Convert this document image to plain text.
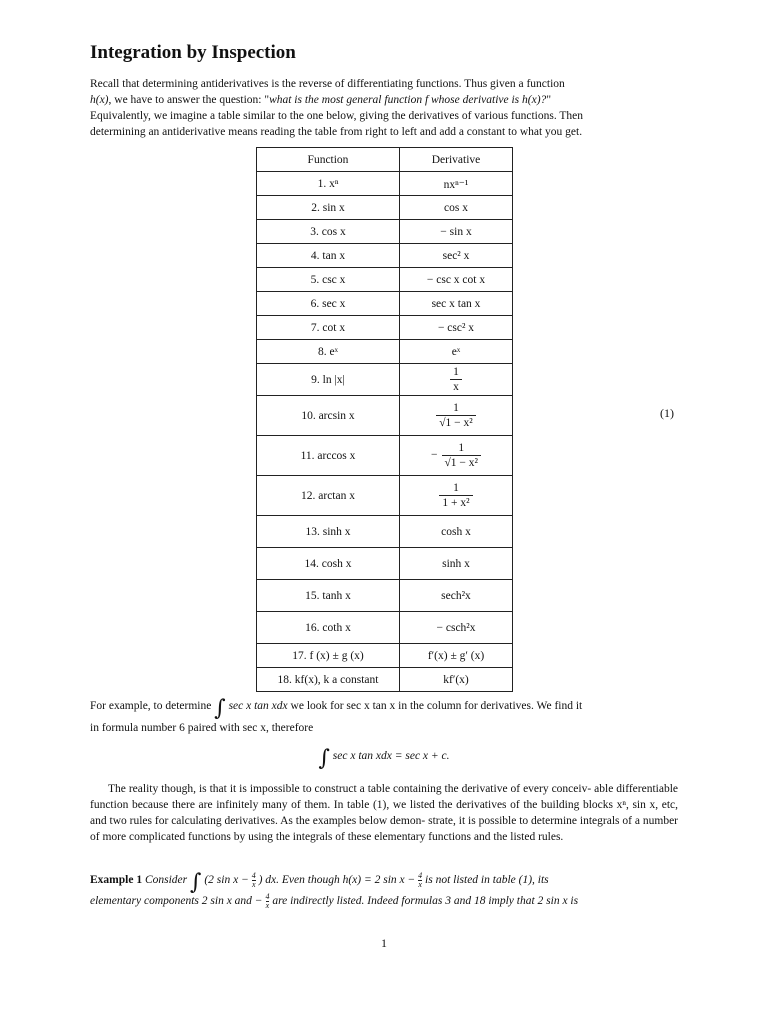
Integration by Inspection
Recall that determining antiderivatives is the reverse of differentiating functions. Thus given a function
h(x), we have to answer the question: "what is the most general function f whose derivative is h(x)?"
Equivalently, we imagine a table similar to the one below, giving the derivatives of various functions. Then
determining an antiderivative means reading the table from right to left and add a constant to what you get.
Function	Derivative
1. xⁿ	nxⁿ⁻¹
2. sin x	cos x
3. cos x	− sin x
4. tan x	sec² x
5. csc x	− csc x cot x
6. sec x	sec x tan x
7. cot x	− csc² x
8. eˣ	eˣ
9. ln |x|	$\frac{1}{x}$

10. arcsin x	$\frac{1}{\text{√1 − x²}}$

11. arccos x	− $\frac{1}{\text{√1 − x²}}$

12. arctan x	$\frac{1}{\text{1 + x²}}$

13. sinh x	cosh x
14. cosh x	sinh x
15. tanh x	sech²x
16. coth x	− csch²x
17. f (x) ± g (x)	f′(x) ± g′ (x)
18. kf(x), k a constant	kf′(x)
(1)
For example, to determine ∫ sec x tan xdx we look for sec x tan x in the column for derivatives. We find it
in formula number 6 paired with sec x, therefore
∫ sec x tan xdx = sec x + c.
The reality though, is that it is impossible to construct a table containing the derivative of every conceiv- able differentiable function because there are infinitely many of them. In table (1), we listed the derivatives of the building blocks xⁿ, sin x, etc, and two rules for calculating derivatives. As the examples below demon- strate, it is possible to determine integrals of a number of more complicated functions by using the integrals of these elementary functions and the listed rules.
Example 1 Consider ∫ (2 $\sin x - \frac{4}{x}$ ) dx. Even though h(x) = 2 $\sin x - \frac{4}{x}$ is not listed in table (1), its
elementary components 2 sin x and − $\frac{4}{x}$ are indirectly listed. Indeed formulas 3 and 18 imply that 2 sin x is
1
